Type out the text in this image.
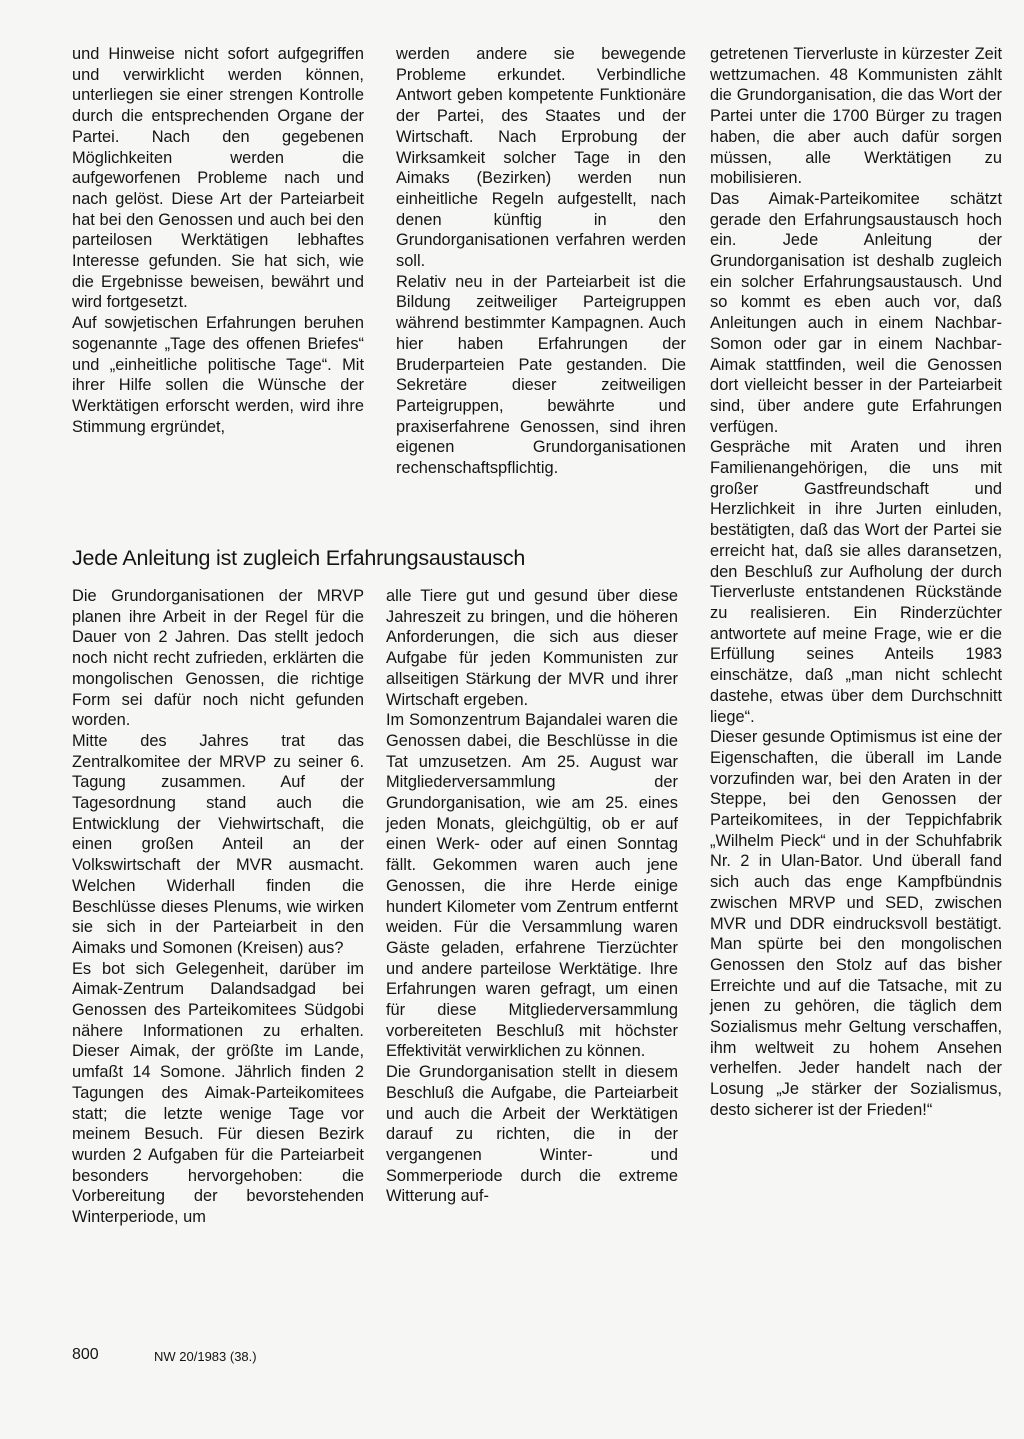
und Hinweise nicht sofort aufgegriffen und verwirklicht werden können, unterliegen sie einer strengen Kontrolle durch die entsprechenden Organe der Partei. Nach den gegebenen Möglichkeiten werden die aufgeworfenen Probleme nach und nach gelöst. Diese Art der Parteiarbeit hat bei den Genossen und auch bei den parteilosen Werktätigen lebhaftes Interesse gefunden. Sie hat sich, wie die Ergebnisse beweisen, bewährt und wird fortgesetzt.

Auf sowjetischen Erfahrungen beruhen sogenannte „Tage des offenen Briefes“ und „einheitliche politische Tage“. Mit ihrer Hilfe sollen die Wünsche der Werktätigen erforscht werden, wird ihre Stimmung ergründet,

werden andere sie bewegende Probleme erkundet. Verbindliche Antwort geben kompetente Funktionäre der Partei, des Staates und der Wirtschaft. Nach Erprobung der Wirksamkeit solcher Tage in den Aimaks (Bezirken) werden nun einheitliche Regeln aufgestellt, nach denen künftig in den Grundorganisationen verfahren werden soll.

Relativ neu in der Parteiarbeit ist die Bildung zeitweiliger Parteigruppen während bestimmter Kampagnen. Auch hier haben Erfahrungen der Bruderparteien Pate gestanden. Die Sekretäre dieser zeitweiligen Parteigruppen, bewährte und praxiserfahrene Genossen, sind ihren eigenen Grundorganisationen rechenschaftspflichtig.

getretenen Tierverluste in kürzester Zeit wettzumachen. 48 Kommunisten zählt die Grundorganisation, die das Wort der Partei unter die 1700 Bürger zu tragen haben, die aber auch dafür sorgen müssen, alle Werktätigen zu mobilisieren.

Das Aimak-Parteikomitee schätzt gerade den Erfahrungsaustausch hoch ein. Jede Anleitung der Grundorganisation ist deshalb zugleich ein solcher Erfahrungsaustausch. Und so kommt es eben auch vor, daß Anleitungen auch in einem Nachbar-Somon oder gar in einem Nachbar-Aimak stattfinden, weil die Genossen dort vielleicht besser in der Parteiarbeit sind, über andere gute Erfahrungen verfügen.

Gespräche mit Araten und ihren Familienangehörigen, die uns mit großer Gastfreundschaft und Herzlichkeit in ihre Jurten einluden, bestätigten, daß das Wort der Partei sie erreicht hat, daß sie alles daransetzen, den Beschluß zur Aufholung der durch Tierverluste entstandenen Rückstände zu realisieren. Ein Rinderzüchter antwortete auf meine Frage, wie er die Erfüllung seines Anteils 1983 einschätze, daß „man nicht schlecht dastehe, etwas über dem Durchschnitt liege“.

Dieser gesunde Optimismus ist eine der Eigenschaften, die überall im Lande vorzufinden war, bei den Araten in der Steppe, bei den Genossen der Parteikomitees, in der Teppichfabrik „Wilhelm Pieck“ und in der Schuhfabrik Nr. 2 in Ulan-Bator. Und überall fand sich auch das enge Kampfbündnis zwischen MRVP und SED, zwischen MVR und DDR eindrucksvoll bestätigt. Man spürte bei den mongolischen Genossen den Stolz auf das bisher Erreichte und auf die Tatsache, mit zu jenen zu gehören, die täglich dem Sozialismus mehr Geltung verschaffen, ihm weltweit zu hohem Ansehen verhelfen. Jeder handelt nach der Losung „Je stärker der Sozialismus, desto sicherer ist der Frieden!“

Jede Anleitung ist zugleich Erfahrungsaustausch

Die Grundorganisationen der MRVP planen ihre Arbeit in der Regel für die Dauer von 2 Jahren. Das stellt jedoch noch nicht recht zufrieden, erklärten die mongolischen Genossen, die richtige Form sei dafür noch nicht gefunden worden.

Mitte des Jahres trat das Zentralkomitee der MRVP zu seiner 6. Tagung zusammen. Auf der Tagesordnung stand auch die Entwicklung der Viehwirtschaft, die einen großen Anteil an der Volkswirtschaft der MVR ausmacht. Welchen Widerhall finden die Beschlüsse dieses Plenums, wie wirken sie sich in der Parteiarbeit in den Aimaks und Somonen (Kreisen) aus?

Es bot sich Gelegenheit, darüber im Aimak-Zentrum Dalandsadgad bei Genossen des Parteikomitees Südgobi nähere Informationen zu erhalten. Dieser Aimak, der größte im Lande, umfaßt 14 Somone. Jährlich finden 2 Tagungen des Aimak-Parteikomitees statt; die letzte wenige Tage vor meinem Besuch. Für diesen Bezirk wurden 2 Aufgaben für die Parteiarbeit besonders hervorgehoben: die Vorbereitung der bevorstehenden Winterperiode, um

alle Tiere gut und gesund über diese Jahreszeit zu bringen, und die höheren Anforderungen, die sich aus dieser Aufgabe für jeden Kommunisten zur allseitigen Stärkung der MVR und ihrer Wirtschaft ergeben.

Im Somonzentrum Bajandalei waren die Genossen dabei, die Beschlüsse in die Tat umzusetzen. Am 25. August war Mitgliederversammlung der Grundorganisation, wie am 25. eines jeden Monats, gleichgültig, ob er auf einen Werk- oder auf einen Sonntag fällt. Gekommen waren auch jene Genossen, die ihre Herde einige hundert Kilometer vom Zentrum entfernt weiden. Für die Versammlung waren Gäste geladen, erfahrene Tierzüchter und andere parteilose Werktätige. Ihre Erfahrungen waren gefragt, um einen für diese Mitgliederversammlung vorbereiteten Beschluß mit höchster Effektivität verwirklichen zu können.

Die Grundorganisation stellt in diesem Beschluß die Aufgabe, die Parteiarbeit und auch die Arbeit der Werktätigen darauf zu richten, die in der vergangenen Winter- und Sommerperiode durch die extreme Witterung auf-

800	NW 20/1983 (38.)
